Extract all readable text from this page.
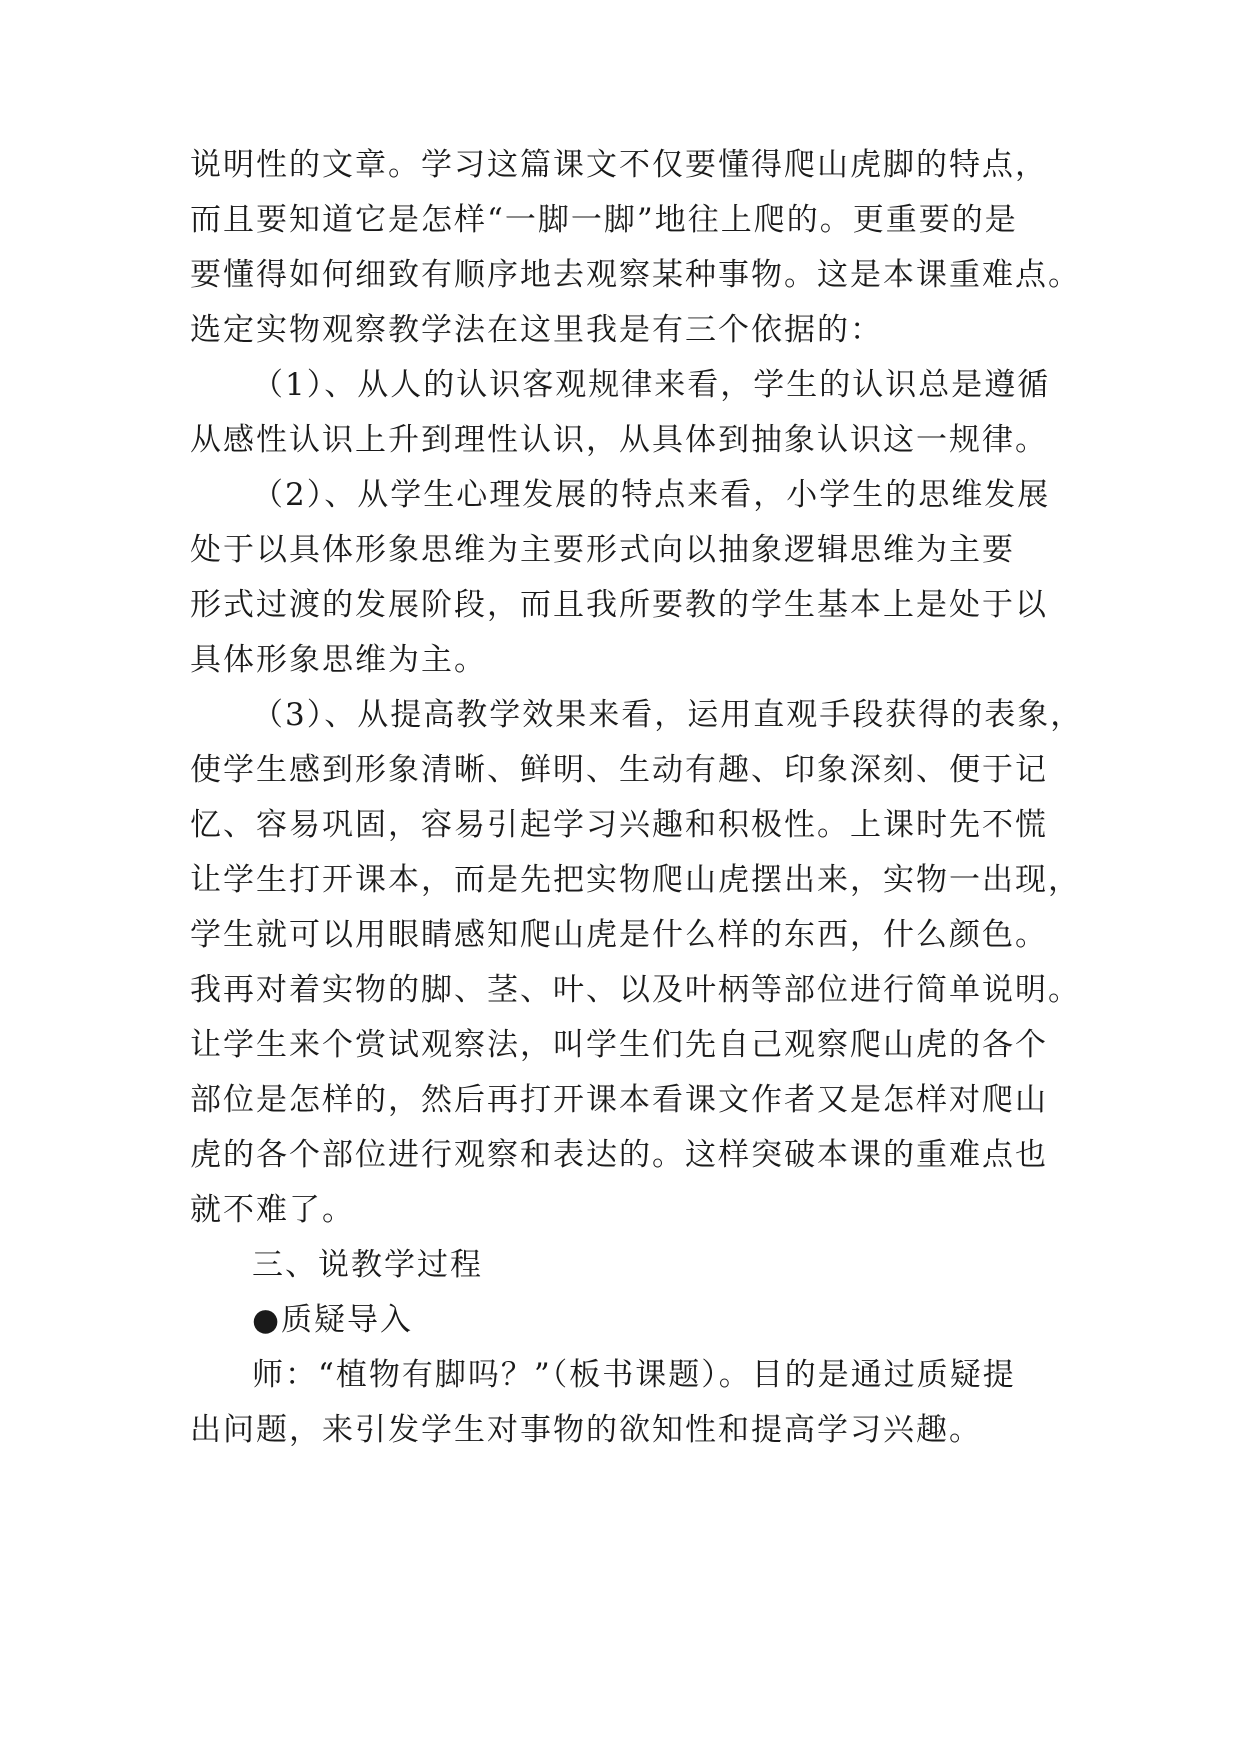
说明性的文章。学习这篇课文不仅要懂得爬山虎脚的特点，
而且要知道它是怎样“一脚一脚”地往上爬的。更重要的是
要懂得如何细致有顺序地去观察某种事物。这是本课重难点。
选定实物观察教学法在这里我是有三个依据的：
（1）、从人的认识客观规律来看，学生的认识总是遵循
从感性认识上升到理性认识，从具体到抽象认识这一规律。
（2）、从学生心理发展的特点来看，小学生的思维发展
处于以具体形象思维为主要形式向以抽象逻辑思维为主要
形式过渡的发展阶段，而且我所要教的学生基本上是处于以
具体形象思维为主。
（3）、从提高教学效果来看，运用直观手段获得的表象，
使学生感到形象清晰、鲜明、生动有趣、印象深刻、便于记
忆、容易巩固，容易引起学习兴趣和积极性。上课时先不慌
让学生打开课本，而是先把实物爬山虎摆出来，实物一出现，
学生就可以用眼睛感知爬山虎是什么样的东西，什么颜色。
我再对着实物的脚、茎、叶、以及叶柄等部位进行简单说明。
让学生来个赏试观察法，叫学生们先自己观察爬山虎的各个
部位是怎样的，然后再打开课本看课文作者又是怎样对爬山
虎的各个部位进行观察和表达的。这样突破本课的重难点也
就不难了。
三、说教学过程
●质疑导入
师：“植物有脚吗？”（板书课题）。目的是通过质疑提
出问题，来引发学生对事物的欲知性和提高学习兴趣。
